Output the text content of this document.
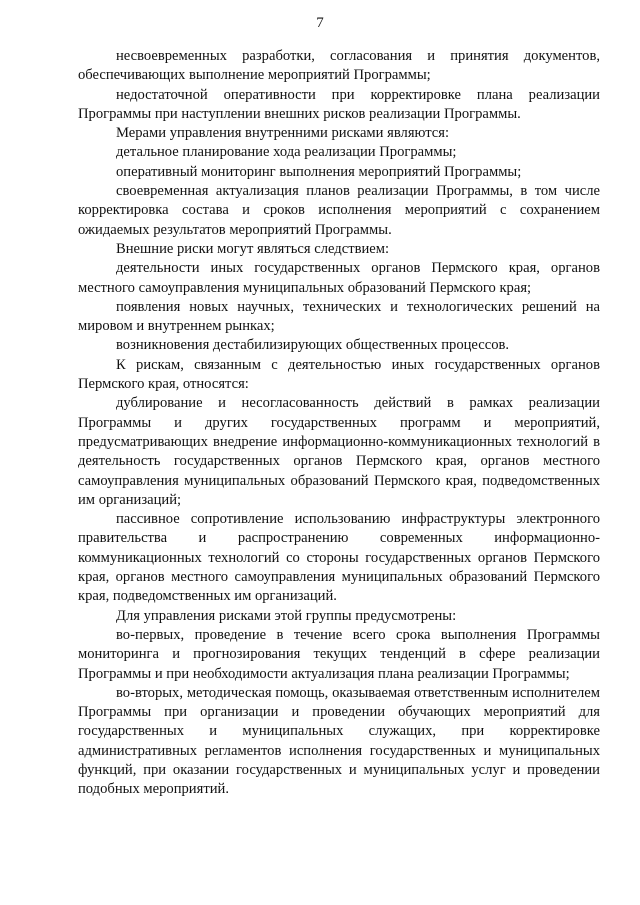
7

несвоевременных разработки, согласования и принятия документов, обеспечивающих выполнение мероприятий Программы;

недостаточной оперативности при корректировке плана реализации Программы при наступлении внешних рисков реализации Программы.

Мерами управления внутренними рисками являются:

детальное планирование хода реализации Программы;

оперативный мониторинг выполнения мероприятий Программы;

своевременная актуализация планов реализации Программы, в том числе корректировка состава и сроков исполнения мероприятий с сохранением ожидаемых результатов мероприятий Программы.

Внешние риски могут являться следствием:

деятельности иных государственных органов Пермского края, органов местного самоуправления муниципальных образований Пермского края;

появления новых научных, технических и технологических решений на мировом и внутреннем рынках;

возникновения дестабилизирующих общественных процессов.

К рискам, связанным с деятельностью иных государственных органов Пермского края, относятся:

дублирование и несогласованность действий в рамках реализации Программы и других государственных программ и мероприятий, предусматривающих внедрение информационно-коммуникационных технологий в деятельность государственных органов Пермского края, органов местного самоуправления муниципальных образований Пермского края, подведомственных им организаций;

пассивное сопротивление использованию инфраструктуры электронного правительства и распространению современных информационно-коммуникационных технологий со стороны государственных органов Пермского края, органов местного самоуправления муниципальных образований Пермского края, подведомственных им организаций.

Для управления рисками этой группы предусмотрены:

во-первых, проведение в течение всего срока выполнения Программы мониторинга и прогнозирования текущих тенденций в сфере реализации Программы и при необходимости актуализация плана реализации Программы;

во-вторых, методическая помощь, оказываемая ответственным исполнителем Программы при организации и проведении обучающих мероприятий для государственных и муниципальных служащих, при корректировке административных регламентов исполнения государственных и муниципальных функций, при оказании государственных и муниципальных услуг и проведении подобных мероприятий.
